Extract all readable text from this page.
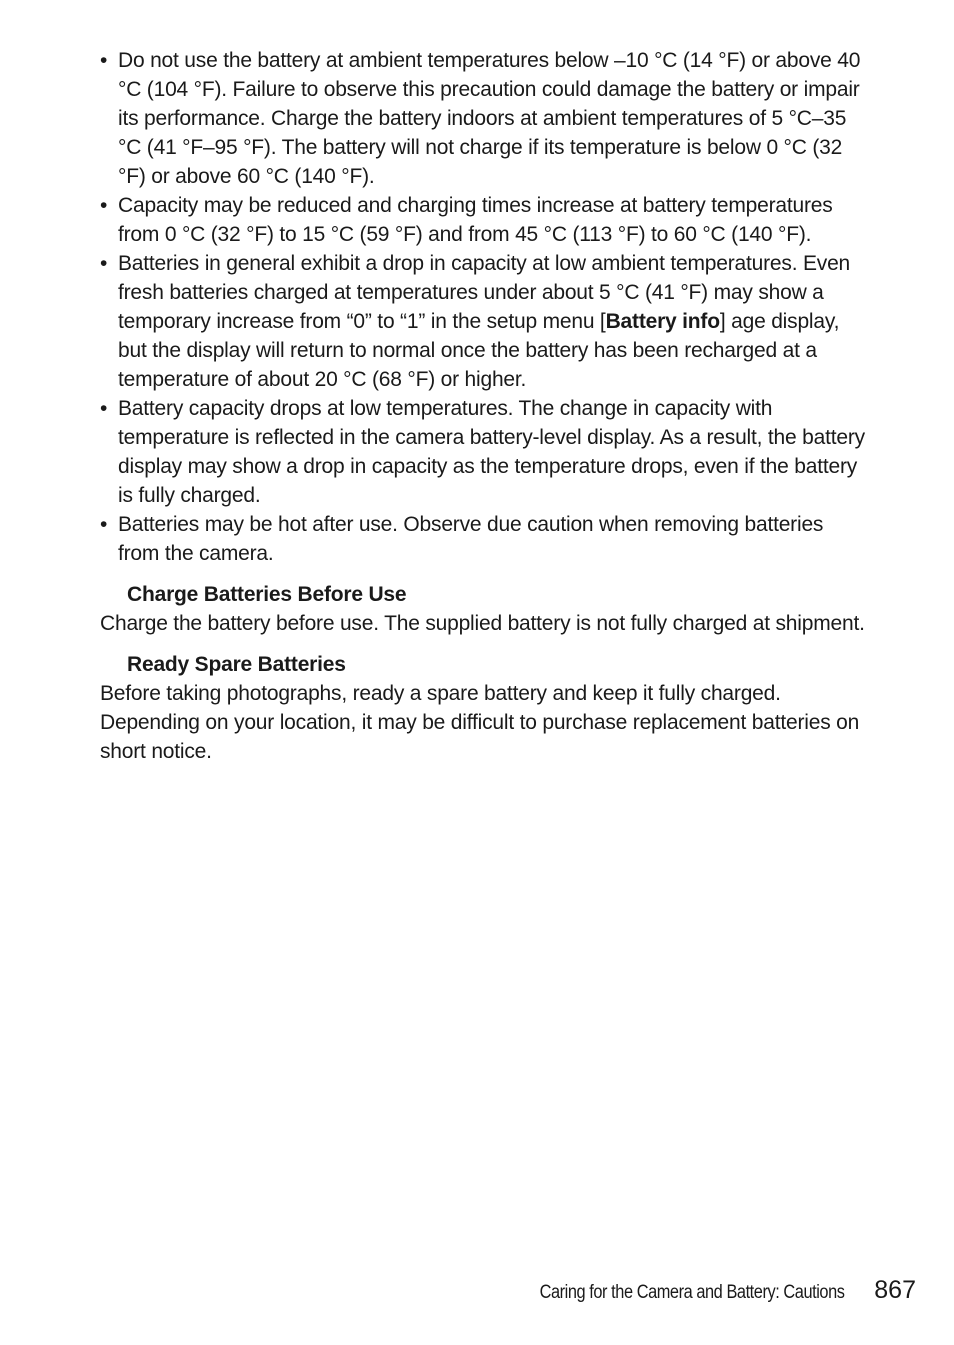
• Do not use the battery at ambient temperatures below –10 °C (14 °F) or above 40 °C (104 °F). Failure to observe this precaution could damage the battery or impair its performance. Charge the battery indoors at ambient temperatures of 5 °C–35 °C (41 °F–95 °F). The battery will not charge if its temperature is below 0 °C (32 °F) or above 60 °C (140 °F).
• Capacity may be reduced and charging times increase at battery temperatures from 0 °C (32 °F) to 15 °C (59 °F) and from 45 °C (113 °F) to 60 °C (140 °F).
• Batteries in general exhibit a drop in capacity at low ambient temperatures. Even fresh batteries charged at temperatures under about 5 °C (41 °F) may show a temporary increase from “0” to “1” in the setup menu [Battery info] age display, but the display will return to normal once the battery has been recharged at a temperature of about 20 °C (68 °F) or higher.
• Battery capacity drops at low temperatures. The change in capacity with temperature is reflected in the camera battery-level display. As a result, the battery display may show a drop in capacity as the temperature drops, even if the battery is fully charged.
• Batteries may be hot after use. Observe due caution when removing batteries from the camera.
Charge Batteries Before Use

Charge the battery before use. The supplied battery is not fully charged at shipment.

Ready Spare Batteries

Before taking photographs, ready a spare battery and keep it fully charged. Depending on your location, it may be difficult to purchase replacement batteries on short notice.

Caring for the Camera and Battery: Cautions 867
